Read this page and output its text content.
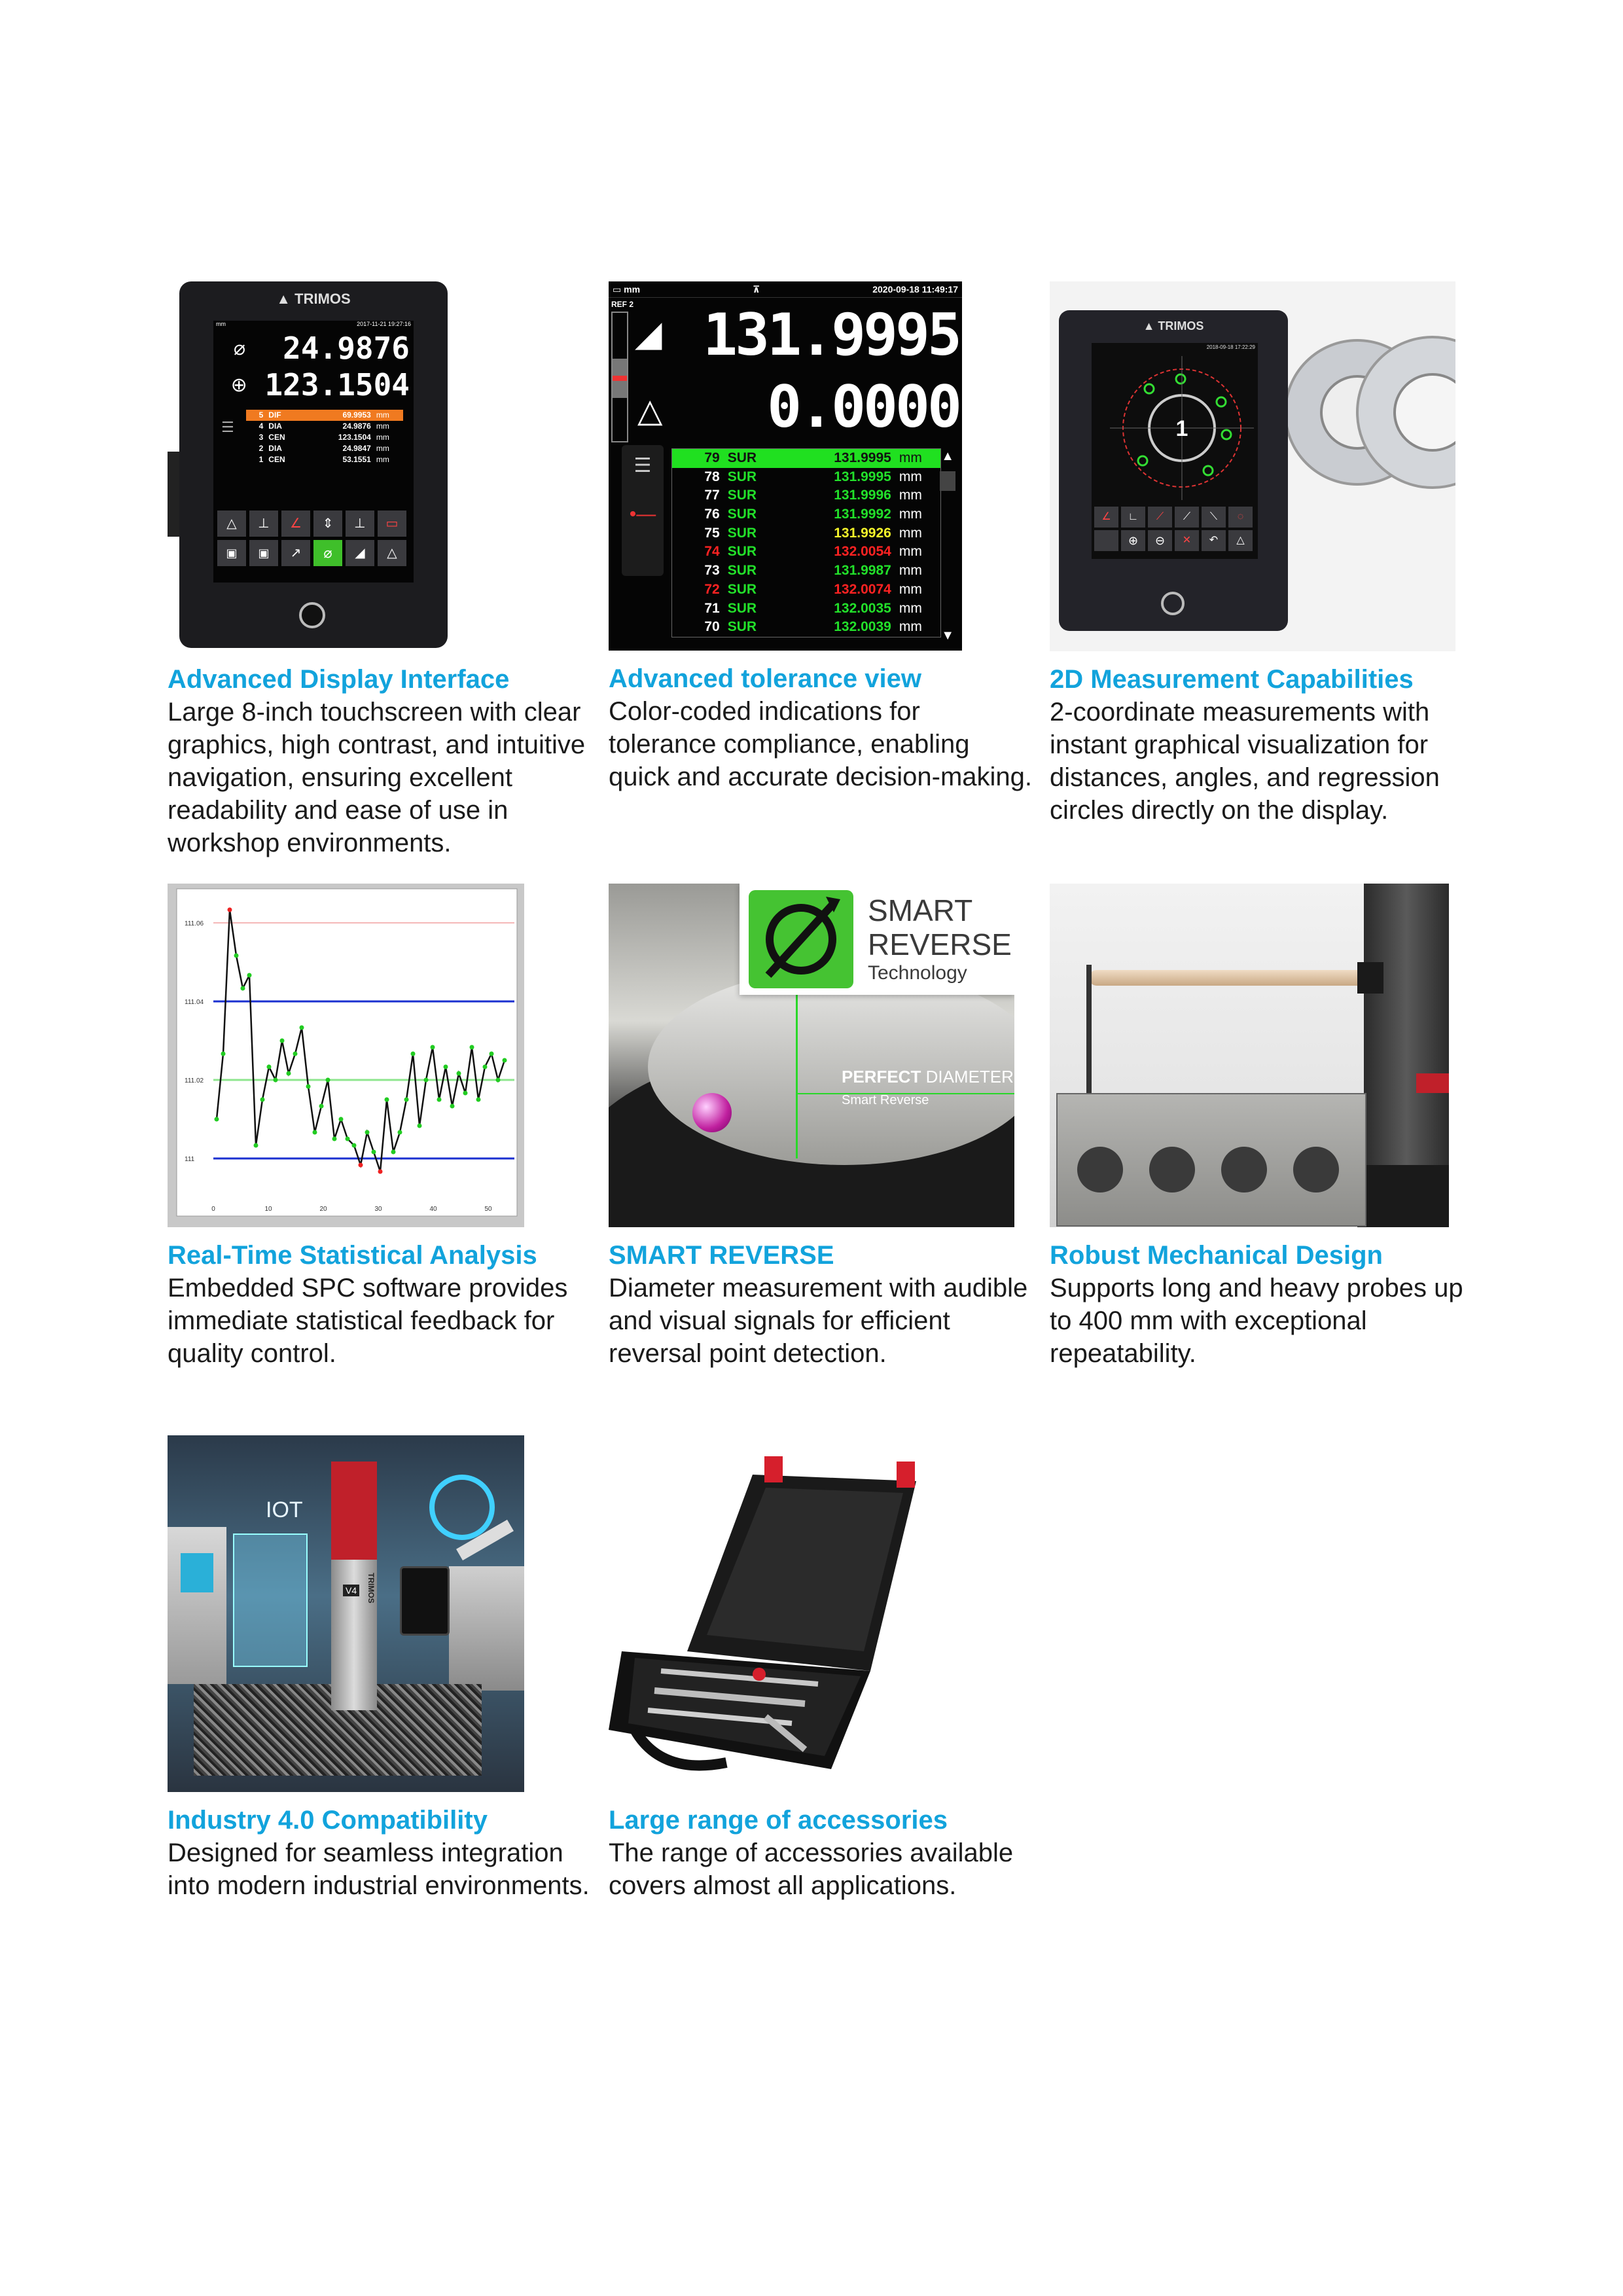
▲ TRIMOS
mm	2017-11-21 19:27:16
⌀	24.9876
⊕ 123.1504
5 DIF	69.9953 mm
4 DIA	24.9876 mm
3 CEN	123.1504 mm
2 DIA	24.9847 mm
1 CEN	53.1551 mm
☰
△	⊥	∠	⇕	⊥	▭
▣	▣	↗	⌀	◢	△
Advanced Display Interface
Large 8-inch touchscreen with clear graphics, high contrast, and intuitive navigation, ensuring excellent readability and ease of use in workshop environments.
▭ mm	⊼	2020-09-18 11:49:17
REF 2
◢ 131.9995
△ 0.0000
☰
•—
79 SUR	131.9995 mm
78 SUR	131.9995 mm
77 SUR	131.9996 mm
76 SUR	131.9992 mm
75 SUR	131.9926 mm
74 SUR	132.0054 mm
73 SUR	131.9987 mm
72 SUR	132.0074 mm
71 SUR	132.0035 mm
70 SUR	132.0039 mm
▲
▼
Advanced tolerance view
Color-coded indications for tolerance compliance, enabling quick and accurate decision-making.
▲ TRIMOS
2018-09-18 17:22:29
1
∠	∟	⟋	⟋	⟍	◌
⊕	⊖	✕	↶	△
2D Measurement Capabilities
2-coordinate measurements with instant graphical visualization for distances, angles, and regression circles directly on the display.
111.06
111.04
111.02
111
0	10	20	30	40	50
Real-Time Statistical Analysis
Embedded SPC software provides immediate statistical feedback for quality control.
PERFECT DIAMETER
Smart Reverse
SMART
REVERSE
Technology
SMART REVERSE
Diameter measurement with audible and visual signals for efficient reversal point detection.
Robust Mechanical Design
Supports long and heavy probes up to 400 mm with exceptional repeatability.
IOT
TRIMOS
V4
Industry 4.0 Compatibility
Designed for seamless integration into modern industrial environments.
Large range of accessories
The range of accessories available covers almost all applications.
